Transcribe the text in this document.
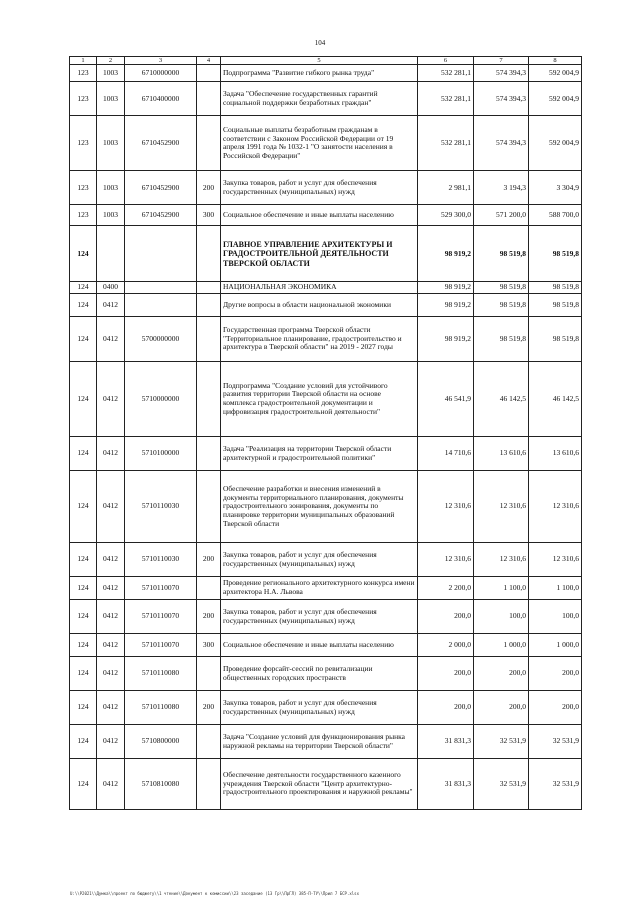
104
1	2	3	4	5	6	7	8
123	1003	6710000000		Подпрограмма "Развитие гибкого рынка труда"	532 281,1	574 394,3	592 004,9
123	1003	6710400000		Задача "Обеспечение государственных гарантий социальной поддержки безработных граждан"	532 281,1	574 394,3	592 004,9
123	1003	6710452900		Социальные выплаты безработным гражданам в соответствии с Законом Российской Федерации от 19 апреля 1991 года № 1032-1 "О занятости населения в Российской Федерации"	532 281,1	574 394,3	592 004,9
123	1003	6710452900	200	Закупка товаров, работ и услуг для обеспечения государственных (муниципальных) нужд	2 981,1	3 194,3	3 304,9
123	1003	6710452900	300	Социальное обеспечение и иные выплаты населению	529 300,0	571 200,0	588 700,0
124				ГЛАВНОЕ УПРАВЛЕНИЕ АРХИТЕКТУРЫ И ГРАДОСТРОИТЕЛЬНОЙ ДЕЯТЕЛЬНОСТИ ТВЕРСКОЙ ОБЛАСТИ	98 919,2	98 519,8	98 519,8
124	0400			НАЦИОНАЛЬНАЯ ЭКОНОМИКА	98 919,2	98 519,8	98 519,8
124	0412			Другие вопросы в области национальной экономики	98 919,2	98 519,8	98 519,8
124	0412	5700000000		Государственная программа Тверской области "Территориальное планирование, градостроительство и архитектура в Тверской области" на 2019 - 2027 годы	98 919,2	98 519,8	98 519,8
124	0412	5710000000		Подпрограмма "Создание условий для устойчивого развития территории Тверской области на основе комплекса градостроительной документации и цифровизация градостроительной деятельности"	46 541,9	46 142,5	46 142,5
124	0412	5710100000		Задача "Реализация на территории Тверской области архитектурной и градостроительной политики"	14 710,6	13 610,6	13 610,6
124	0412	5710110030		Обеспечение разработки и внесения изменений в документы территориального планирования, документы градостроительного зонирования, документы по планировке территории муниципальных образований Тверской области	12 310,6	12 310,6	12 310,6
124	0412	5710110030	200	Закупка товаров, работ и услуг для обеспечения государственных (муниципальных) нужд	12 310,6	12 310,6	12 310,6
124	0412	5710110070		Проведение регионального архитектурного конкурса имени архитектора Н.А. Львова	2 200,0	1 100,0	1 100,0
124	0412	5710110070	200	Закупка товаров, работ и услуг для обеспечения государственных (муниципальных) нужд	200,0	100,0	100,0
124	0412	5710110070	300	Социальное обеспечение и иные выплаты населению	2 000,0	1 000,0	1 000,0
124	0412	5710110080		Проведение форсайт-сессий по ревитализации общественных городских пространств	200,0	200,0	200,0
124	0412	5710110080	200	Закупка товаров, работ и услуг для обеспечения государственных (муниципальных) нужд	200,0	200,0	200,0
124	0412	5710800000		Задача "Создание условий для функционирования рынка наружной рекламы на территории Тверской области"	31 831,3	32 531,9	32 531,9
124	0412	5710810080		Обеспечение деятельности государственного казенного учреждения Тверской области "Центр архитектурно-градостроительного проектирования и наружной рекламы"	31 831,3	32 531,9	32 531,9
U:\\Р2021\\Думка\\проект по бюджету\\1 чтение\\Документ к комиссии\\23 заседание (13 Гр\\ПрГЛ) 385-П-ТУ\\Прил 7 БСР.xlsx
